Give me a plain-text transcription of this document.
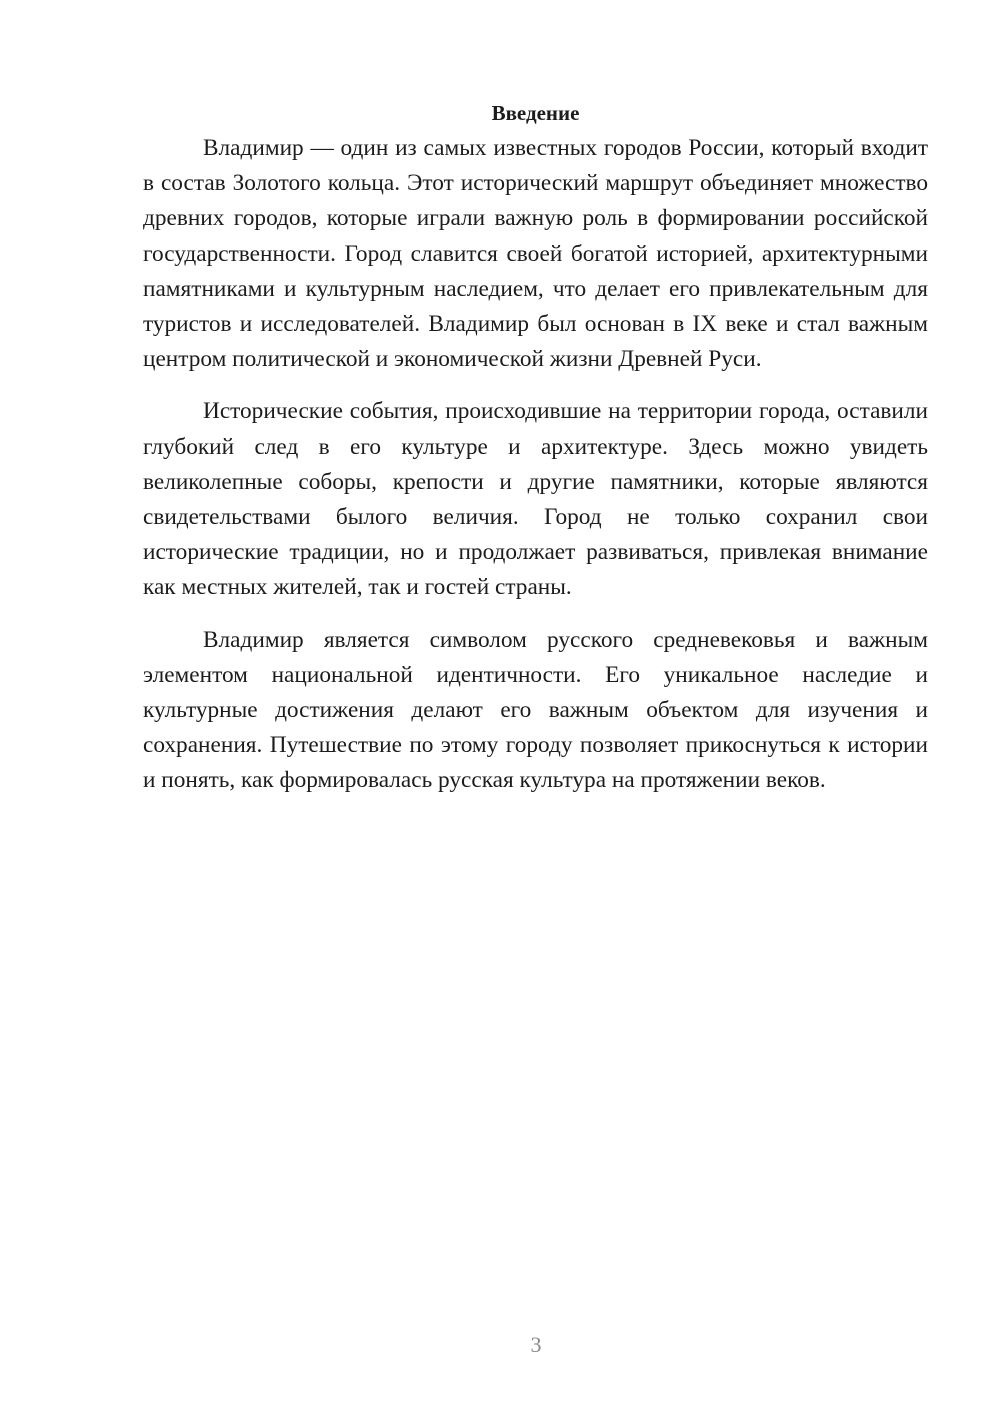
Введение

Владимир — один из самых известных городов России, который входит в состав Золотого кольца. Этот исторический маршрут объединяет множество древних городов, которые играли важную роль в формировании российской государственности. Город славится своей богатой историей, архитектурными памятниками и культурным наследием, что делает его привлекательным для туристов и исследователей. Владимир был основан в IX веке и стал важным центром политической и экономической жизни Древней Руси.

Исторические события, происходившие на территории города, оставили глубокий след в его культуре и архитектуре. Здесь можно увидеть великолепные соборы, крепости и другие памятники, которые являются свидетельствами былого величия. Город не только сохранил свои исторические традиции, но и продолжает развиваться, привлекая внимание как местных жителей, так и гостей страны.

Владимир является символом русского средневековья и важным элементом национальной идентичности. Его уникальное наследие и культурные достижения делают его важным объектом для изучения и сохранения. Путешествие по этому городу позволяет прикоснуться к истории и понять, как формировалась русская культура на протяжении веков.

3
